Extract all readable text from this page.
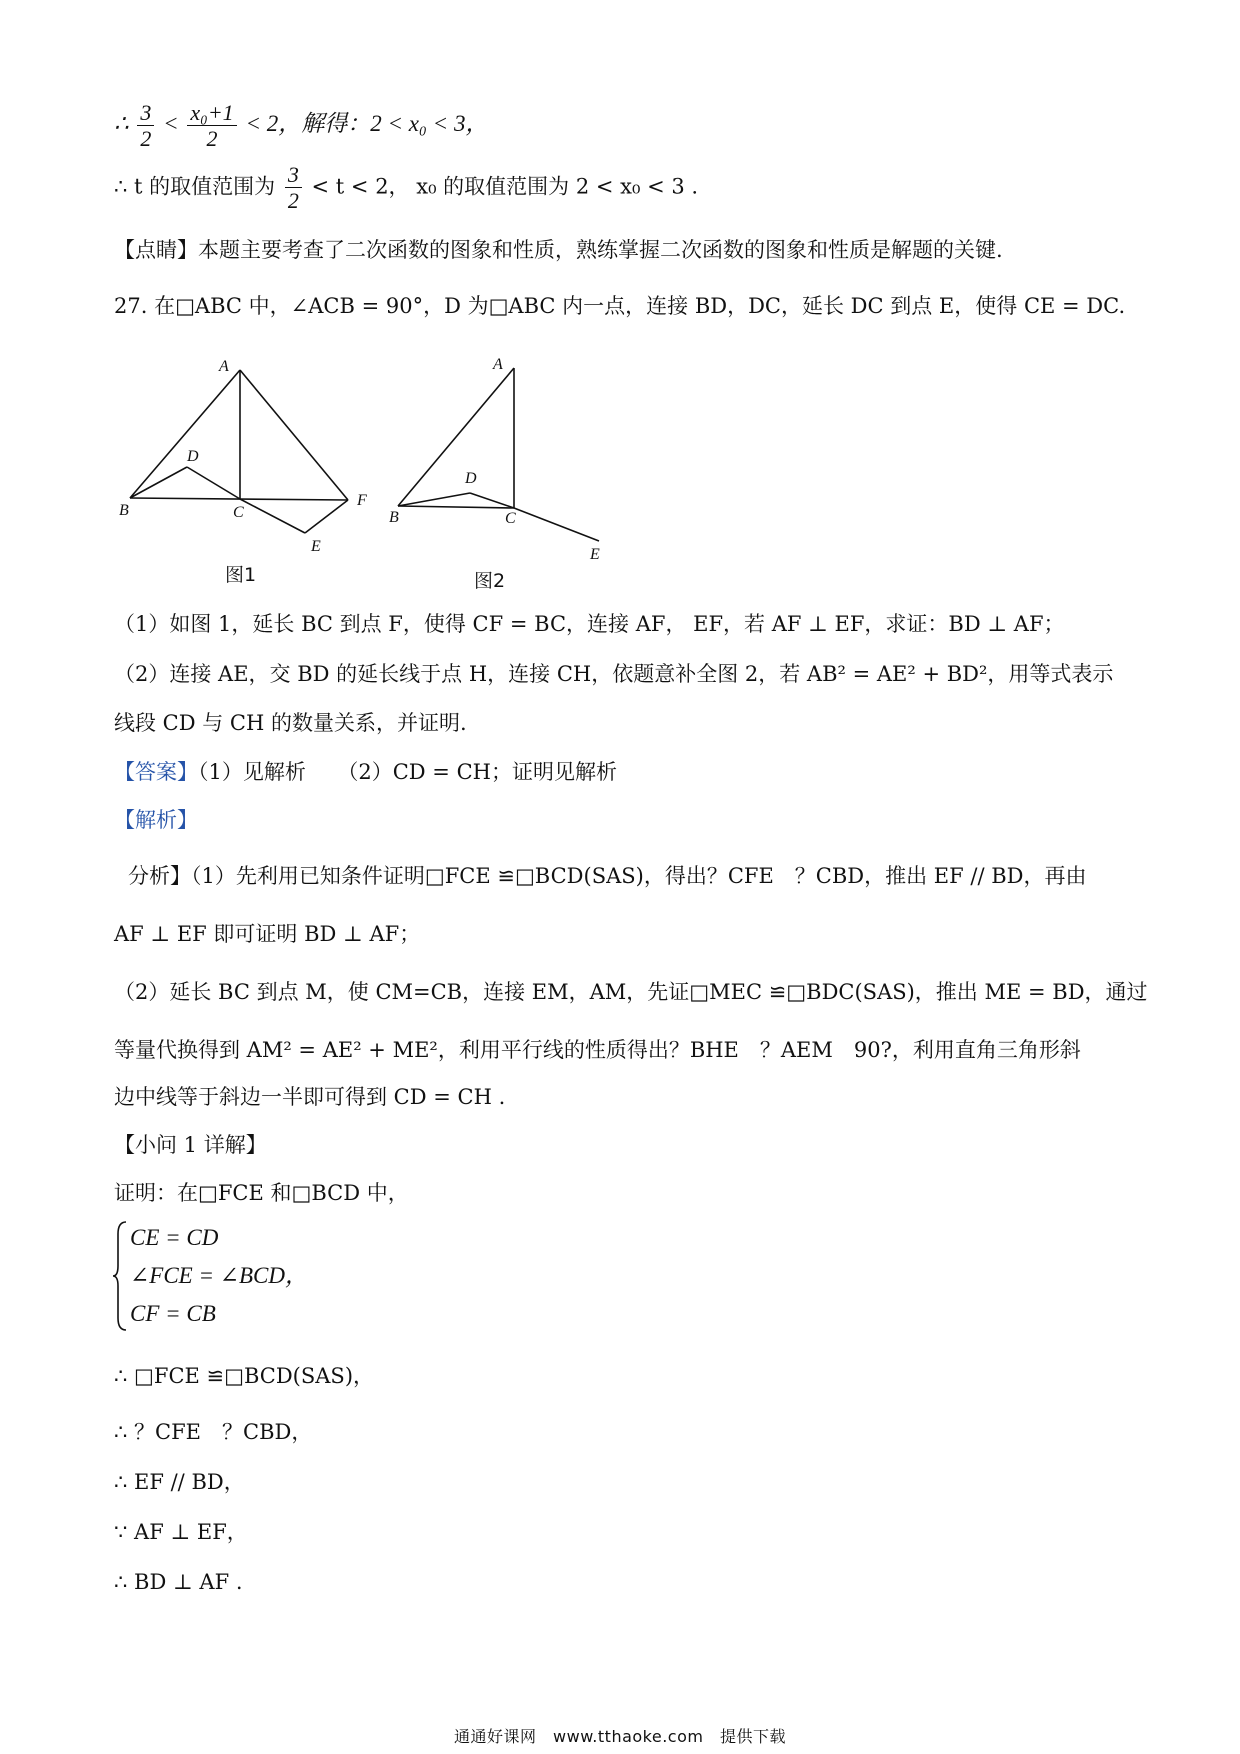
∴ $\frac{3}{2} < \frac{\text{x₀+1}}{2} < 2$，解得：2 < x₀ < 3，
∴ t 的取值范围为 $\frac{3}{2} < t < 2$， x₀ 的取值范围为 2 < x₀ < 3 .
【点睛】本题主要考查了二次函数的图象和性质，熟练掌握二次函数的图象和性质是解题的关键.
27. 在□ABC 中，∠ACB = 90°，D 为□ABC 内一点，连接 BD，DC，延长 DC 到点 E，使得 CE = DC.
A
B	C
D
E
F
图1
A
B	C
D
E
图2
（1）如图 1，延长 BC 到点 F，使得 CF = BC，连接 AF， EF，若 AF ⊥ EF，求证：BD ⊥ AF；
（2）连接 AE，交 BD 的延长线于点 H，连接 CH，依题意补全图 2，若 AB² = AE² + BD²，用等式表示
线段 CD 与 CH 的数量关系，并证明.
【答案】（1）见解析　　（2）CD = CH；证明见解析
【解析】
分析】（1）先利用已知条件证明□FCE ≌□BCD(SAS)，得出？CFE　？CBD，推出 EF // BD，再由
AF ⊥ EF 即可证明 BD ⊥ AF；
（2）延长 BC 到点 M，使 CM=CB，连接 EM，AM，先证□MEC ≌□BDC(SAS)，推出 ME = BD，通过
等量代换得到 AM² = AE² + ME²，利用平行线的性质得出？BHE　？AEM　90?，利用直角三角形斜
边中线等于斜边一半即可得到 CD = CH .
【小问 1 详解】
证明：在□FCE 和□BCD 中，
CE = CD
∠FCE = ∠BCD，
CF = CB
∴ □FCE ≌□BCD(SAS)，
∴ ？CFE　？CBD，
∴ EF // BD，
∵ AF ⊥ EF，
∴ BD ⊥ AF .
通通好课网　www.tthaoke.com　提供下载
